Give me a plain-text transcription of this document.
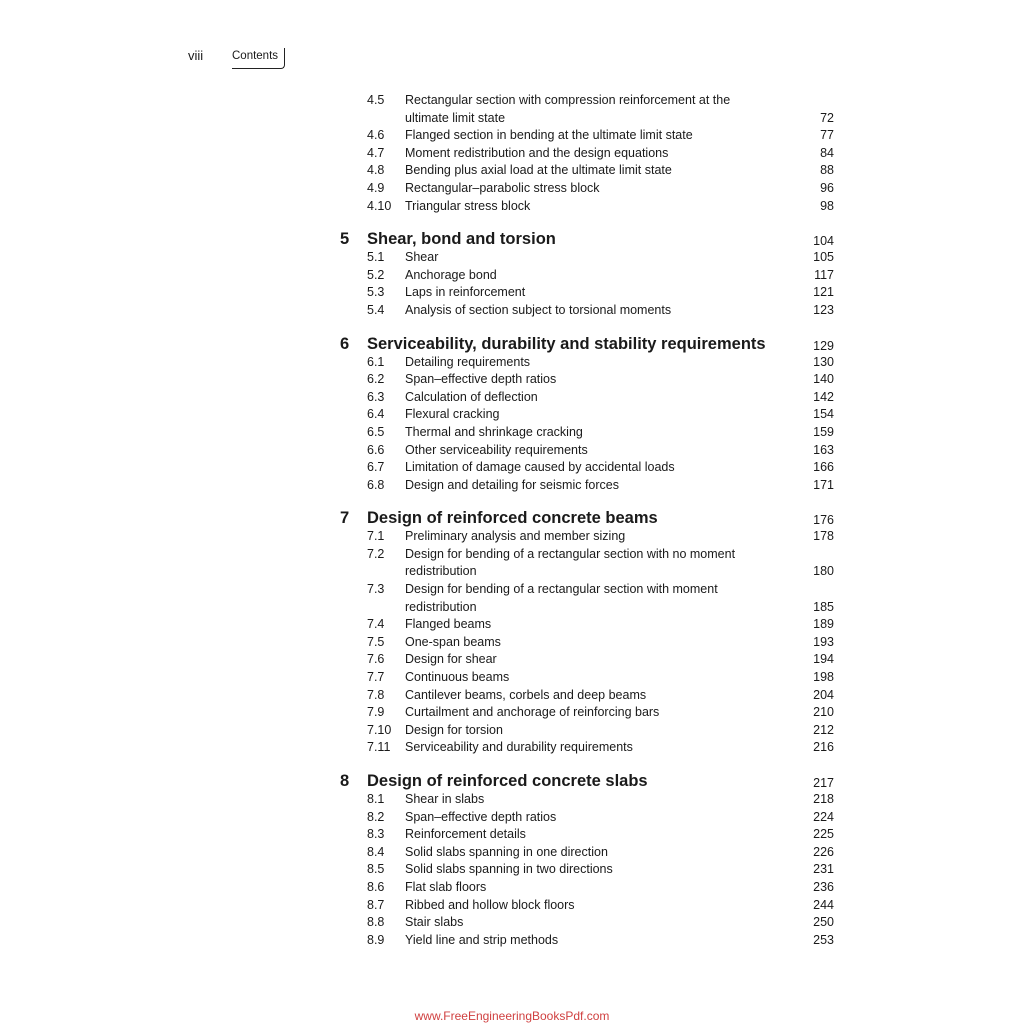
viii	Contents
4.5 Rectangular section with compression reinforcement at the ultimate limit state	72
4.6 Flanged section in bending at the ultimate limit state	77
4.7 Moment redistribution and the design equations	84
4.8 Bending plus axial load at the ultimate limit state	88
4.9 Rectangular–parabolic stress block	96
4.10 Triangular stress block	98
5 Shear, bond and torsion	104
5.1 Shear	105
5.2 Anchorage bond	117
5.3 Laps in reinforcement	121
5.4 Analysis of section subject to torsional moments	123
6 Serviceability, durability and stability requirements	129
6.1 Detailing requirements	130
6.2 Span–effective depth ratios	140
6.3 Calculation of deflection	142
6.4 Flexural cracking	154
6.5 Thermal and shrinkage cracking	159
6.6 Other serviceability requirements	163
6.7 Limitation of damage caused by accidental loads	166
6.8 Design and detailing for seismic forces	171
7 Design of reinforced concrete beams	176
7.1 Preliminary analysis and member sizing	178
7.2 Design for bending of a rectangular section with no moment redistribution	180
7.3 Design for bending of a rectangular section with moment redistribution	185
7.4 Flanged beams	189
7.5 One-span beams	193
7.6 Design for shear	194
7.7 Continuous beams	198
7.8 Cantilever beams, corbels and deep beams	204
7.9 Curtailment and anchorage of reinforcing bars	210
7.10 Design for torsion	212
7.11 Serviceability and durability requirements	216
8 Design of reinforced concrete slabs	217
8.1 Shear in slabs	218
8.2 Span–effective depth ratios	224
8.3 Reinforcement details	225
8.4 Solid slabs spanning in one direction	226
8.5 Solid slabs spanning in two directions	231
8.6 Flat slab floors	236
8.7 Ribbed and hollow block floors	244
8.8 Stair slabs	250
8.9 Yield line and strip methods	253
www.FreeEngineeringBooksPdf.com
